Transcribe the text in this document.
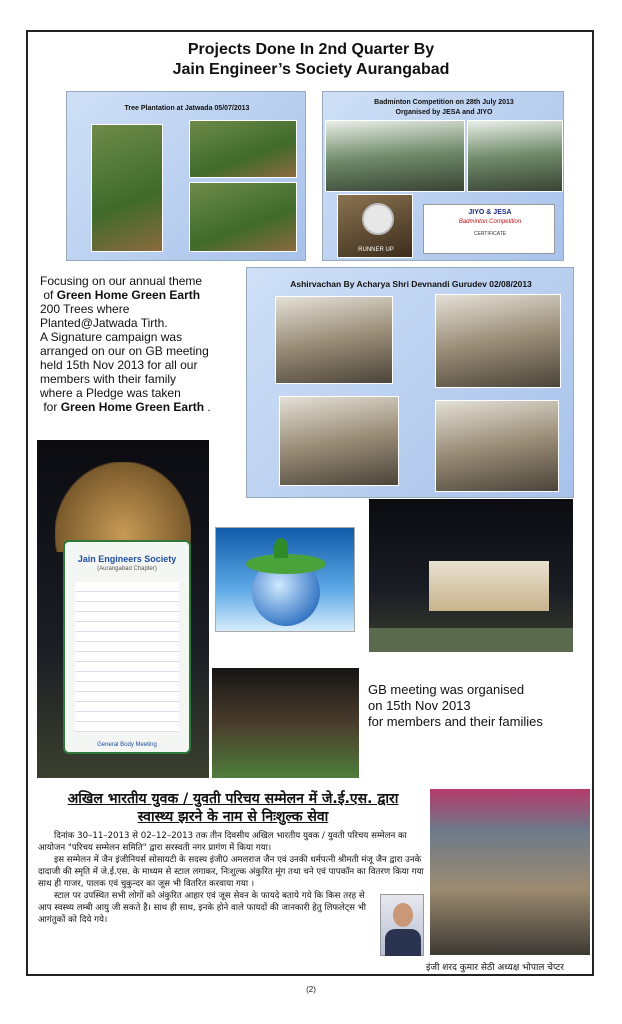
Projects Done In 2nd Quarter By
Jain Engineer’s Society Aurangabad
Tree Plantation at Jatwada 05/07/2013
Badminton Competition on 28th July 2013
Organised by JESA and JIYO
RUNNER UP
JIYO & JESA
Badminton Competition
CERTIFICATE
Focusing on our annual theme
of Green Home Green Earth
200 Trees where
Planted@Jatwada Tirth.
A Signature campaign was
arranged on our on GB meeting
held 15th Nov 2013 for all our
members with their family
where a Pledge was taken
for Green Home Green Earth .
Ashirvachan By Acharya Shri Devnandi Gurudev 02/08/2013
Jain Engineers Society
(Aurangabad Chapter)
General Body Meeting
GB meeting was organised
on 15th Nov 2013
for members and their families
अखिल भारतीय युवक / युवती परिचय सम्मेलन में जे.ई.एस. द्वारा
स्वास्थ्य झरने के नाम से निःशुल्क सेवा

दिनांक 30–11–2013 से 02–12–2013 तक तीन दिवसीय अखिल भारतीय युवक / युवती परिचय सम्मेलन का आयोजन "परिचय सम्मेलन समिति" द्वारा सरस्वती नगर प्रागंण में किया गया।

इस सम्मेलन में जैन इंजीनियर्स सोसायटी के सदस्य इंजी0 अमलराज जैन एवं उनकी धर्मपत्नी श्रीमती मंजू जैन द्वारा उनके दादाजी की स्मृति में जे.ई.एस. के माध्यम से स्टाल लगाकर, निःशुल्क अंकुरित मूंग तथा चने एवं पापकॉन का वितरण किया गया साथ ही गाजर, पालक एवं चुकुन्दर का जूस भी वितरित करवाया गया ।

स्टाल पर उपस्थित सभी लोगों को अंकुरित आहार एवं जूस सेवन के फायदे बताये गये कि किस तरह से आप स्वस्थ्य लम्बी आयु जी सकते है। साथ ही साथ, इनके होने वाले फायदों की जानकारी हेतु लिफलेट्स भी आगंतुकों को दिये गये।

इंजी शरद कुमार सेठी अध्यक्ष भोपाल चेप्टर
(2)
